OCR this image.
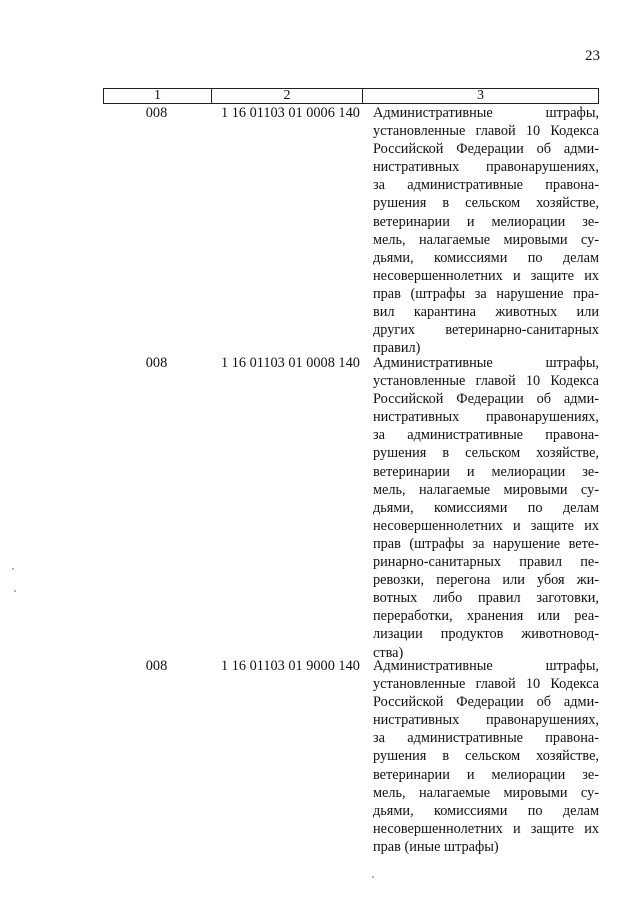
23
1	2	3
008	1 16 01103 01 0006 140 Административные штрафы,
установленные главой 10 Кодекса
Российской Федерации об адми-
нистративных правонарушениях,
за административные правона-
рушения в сельском хозяйстве,
ветеринарии и мелиорации зе-
мель, налагаемые мировыми су-
дьями, комиссиями по делам
несовершеннолетних и защите их
прав (штрафы за нарушение пра-
вил карантина животных или
других ветеринарно-санитарных
правил)
008	1 16 01103 01 0008 140 Административные штрафы,
установленные главой 10 Кодекса
Российской Федерации об адми-
нистративных правонарушениях,
за административные правона-
рушения в сельском хозяйстве,
ветеринарии и мелиорации зе-
мель, налагаемые мировыми су-
дьями, комиссиями по делам
несовершеннолетних и защите их
прав (штрафы за нарушение вете-
ринарно-санитарных правил пе-
ревозки, перегона или убоя жи-
вотных либо правил заготовки,
переработки, хранения или реа-
лизации продуктов животновод-
ства)
008	1 16 01103 01 9000 140 Административные штрафы,
установленные главой 10 Кодекса
Российской Федерации об адми-
нистративных правонарушениях,
за административные правона-
рушения в сельском хозяйстве,
ветеринарии и мелиорации зе-
мель, налагаемые мировыми су-
дьями, комиссиями по делам
несовершеннолетних и защите их
прав (иные штрафы)
